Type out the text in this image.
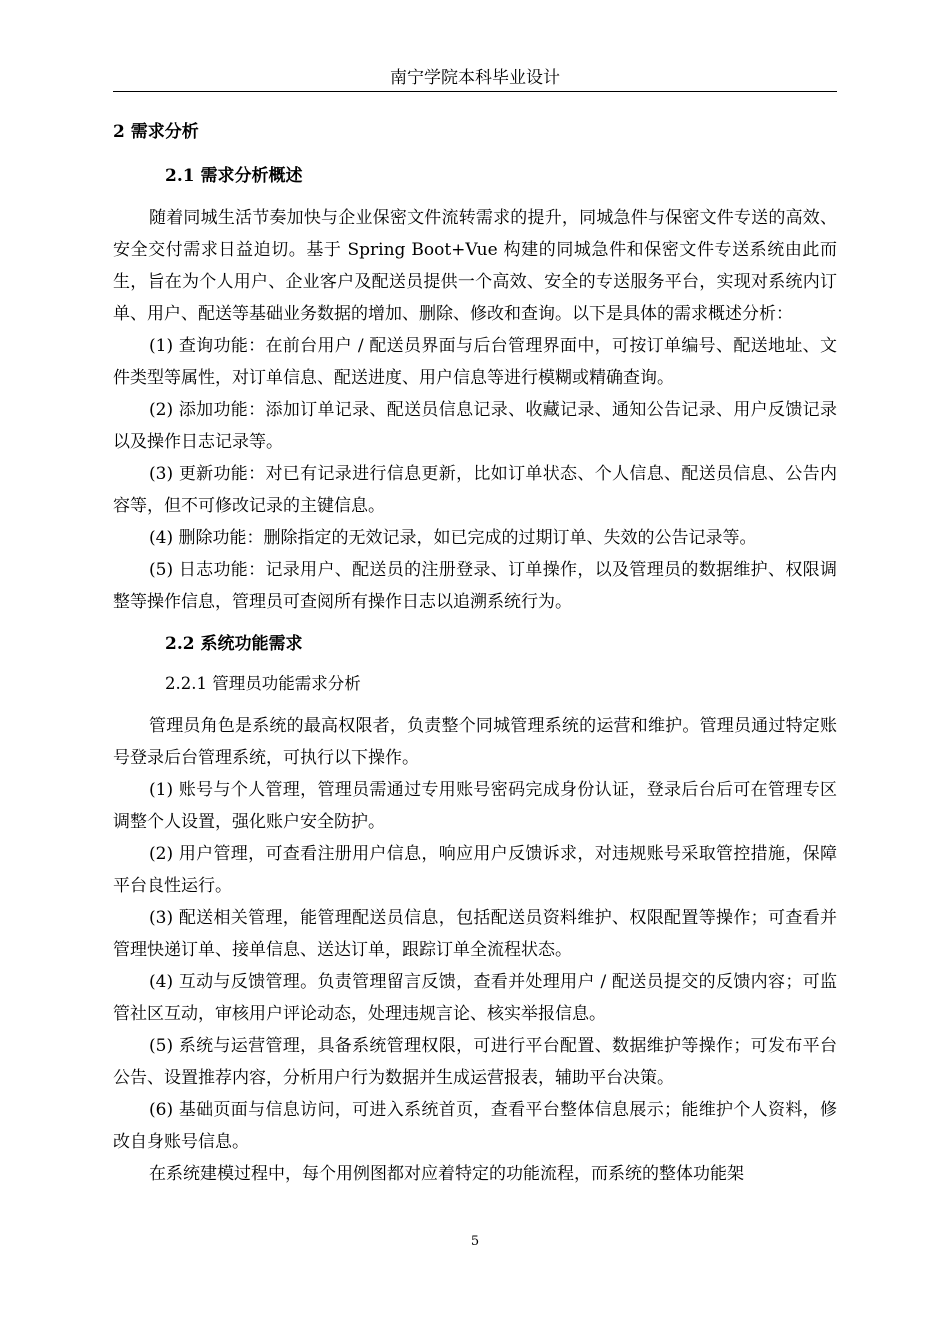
南宁学院本科毕业设计
2 需求分析
2.1 需求分析概述

随着同城生活节奏加快与企业保密文件流转需求的提升，同城急件与保密文件专送的高效、安全交付需求日益迫切。基于 Spring Boot+Vue 构建的同城急件和保密文件专送系统由此而生，旨在为个人用户、企业客户及配送员提供一个高效、安全的专送服务平台，实现对系统内订单、用户、配送等基础业务数据的增加、删除、修改和查询。以下是具体的需求概述分析：

(1) 查询功能：在前台用户 / 配送员界面与后台管理界面中，可按订单编号、配送地址、文件类型等属性，对订单信息、配送进度、用户信息等进行模糊或精确查询。

(2) 添加功能：添加订单记录、配送员信息记录、收藏记录、通知公告记录、用户反馈记录以及操作日志记录等。

(3) 更新功能：对已有记录进行信息更新，比如订单状态、个人信息、配送员信息、公告内容等，但不可修改记录的主键信息。

(4) 删除功能：删除指定的无效记录，如已完成的过期订单、失效的公告记录等。

(5) 日志功能：记录用户、配送员的注册登录、订单操作，以及管理员的数据维护、权限调整等操作信息，管理员可查阅所有操作日志以追溯系统行为。

2.2 系统功能需求
2.2.1 管理员功能需求分析

管理员角色是系统的最高权限者，负责整个同城管理系统的运营和维护。管理员通过特定账号登录后台管理系统，可执行以下操作。

(1) 账号与个人管理，管理员需通过专用账号密码完成身份认证，登录后台后可在管理专区调整个人设置，强化账户安全防护。

(2) 用户管理，可查看注册用户信息，响应用户反馈诉求，对违规账号采取管控措施，保障平台良性运行。

(3) 配送相关管理，能管理配送员信息，包括配送员资料维护、权限配置等操作；可查看并管理快递订单、接单信息、送达订单，跟踪订单全流程状态。

(4) 互动与反馈管理。负责管理留言反馈，查看并处理用户 / 配送员提交的反馈内容；可监管社区互动，审核用户评论动态，处理违规言论、核实举报信息。

(5) 系统与运营管理，具备系统管理权限，可进行平台配置、数据维护等操作；可发布平台公告、设置推荐内容，分析用户行为数据并生成运营报表，辅助平台决策。

(6) 基础页面与信息访问，可进入系统首页，查看平台整体信息展示；能维护个人资料，修改自身账号信息。

在系统建模过程中，每个用例图都对应着特定的功能流程，而系统的整体功能架

5
